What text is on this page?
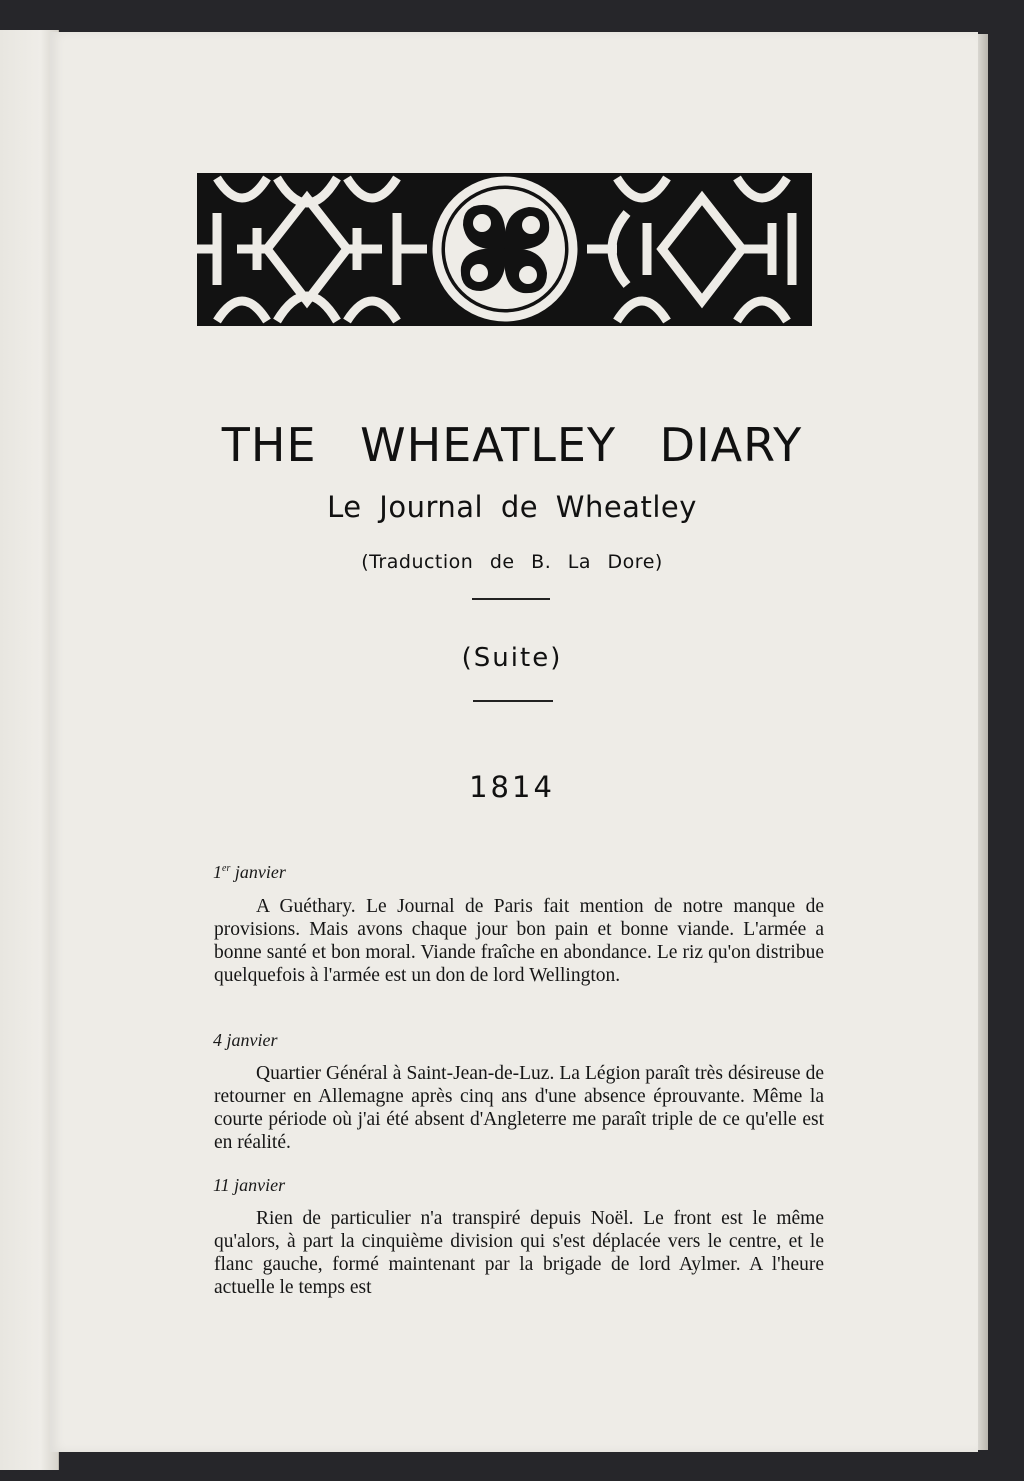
THE WHEATLEY DIARY
Le Journal de Wheatley
(Traduction de B. La Dore)
(Suite)
1814
1er janvier
A Guéthary. Le Journal de Paris fait mention de notre manque de provisions. Mais avons chaque jour bon pain et bonne viande. L'armée a bonne santé et bon moral. Viande fraîche en abondance. Le riz qu'on distribue quelquefois à l'armée est un don de lord Wellington.
4 janvier
Quartier Général à Saint-Jean-de-Luz. La Légion paraît très désireuse de retourner en Allemagne après cinq ans d'une absence éprouvante. Même la courte période où j'ai été absent d'Angleterre me paraît triple de ce qu'elle est en réalité.
11 janvier
Rien de particulier n'a transpiré depuis Noël. Le front est le même qu'alors, à part la cinquième division qui s'est déplacée vers le centre, et le flanc gauche, formé maintenant par la brigade de lord Aylmer. A l'heure actuelle le temps est
